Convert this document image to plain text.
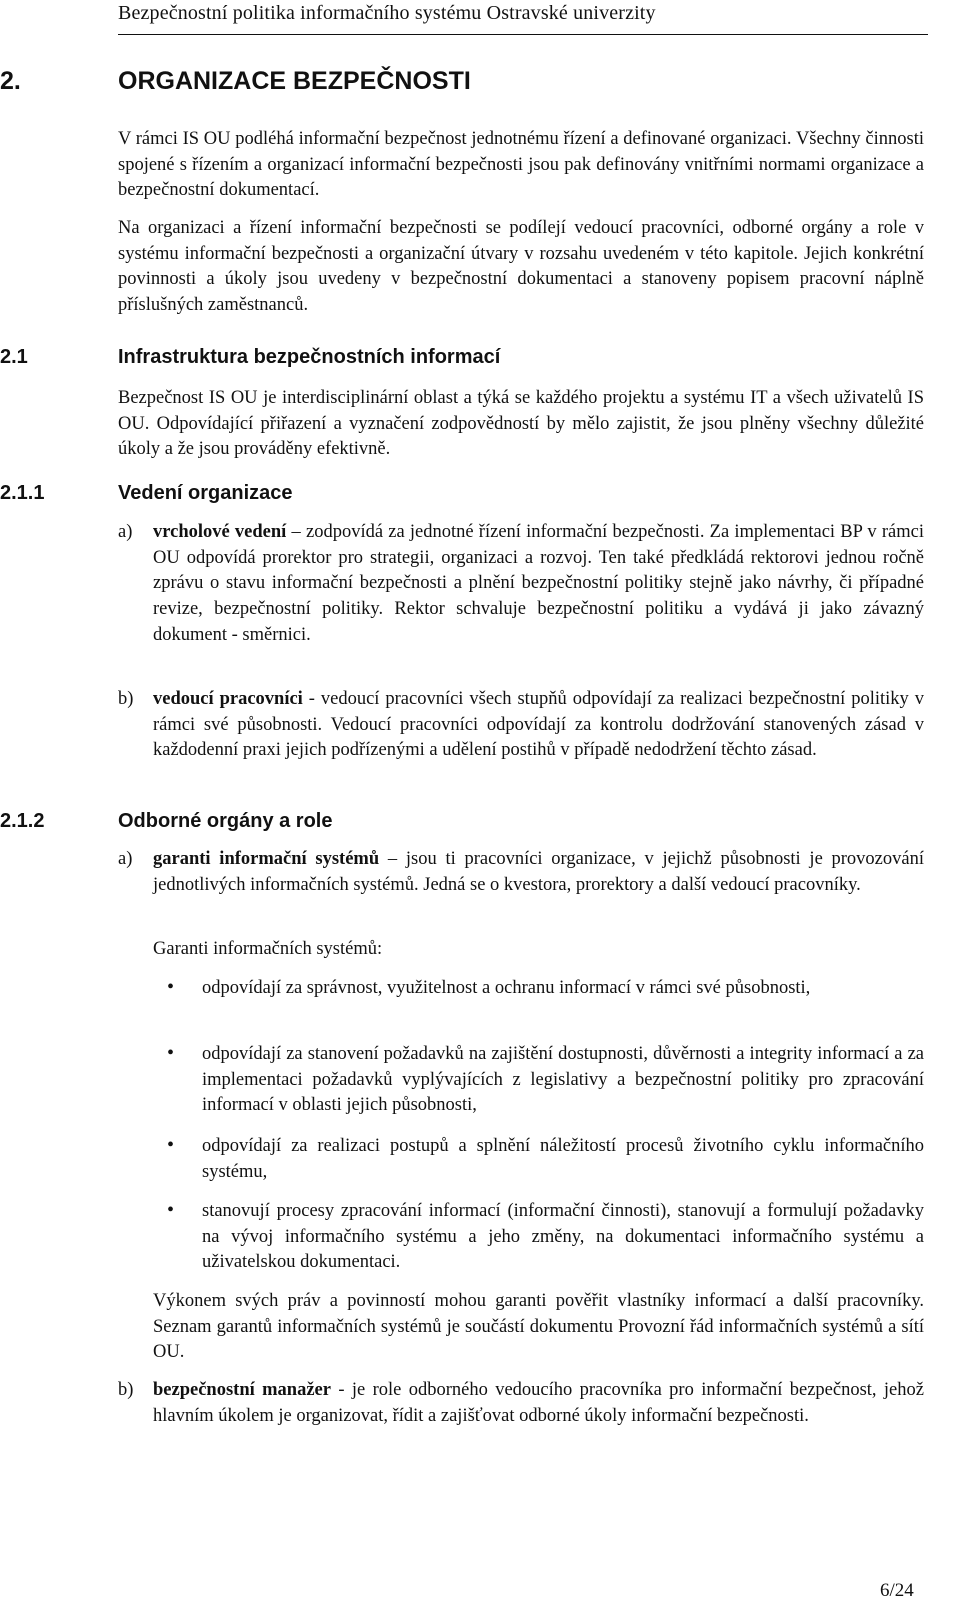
Bezpečnostní politika informačního systému Ostravské univerzity
2.	ORGANIZACE BEZPEČNOSTI

V rámci IS OU podléhá informační bezpečnost jednotnému řízení a definované organizaci. Všechny činnosti spojené s řízením a organizací informační bezpečnosti jsou pak definovány vnitřními normami organizace a bezpečnostní dokumentací.

Na organizaci a řízení informační bezpečnosti se podílejí vedoucí pracovníci, odborné orgány a role v systému informační bezpečnosti a organizační útvary v rozsahu uvedeném v této kapitole. Jejich konkrétní povinnosti a úkoly jsou uvedeny v bezpečnostní dokumentaci a stanoveny popisem pracovní náplně příslušných zaměstnanců.

2.1	Infrastruktura bezpečnostních informací

Bezpečnost IS OU je interdisciplinární oblast a týká se každého projektu a systému IT a všech uživatelů IS OU. Odpovídající přiřazení a vyznačení zodpovědností by mělo zajistit, že jsou plněny všechny důležité úkoly a že jsou prováděny efektivně.

2.1.1	Vedení organizace
a) vrcholové vedení – zodpovídá za jednotné řízení informační bezpečnosti. Za implementaci BP v rámci OU odpovídá prorektor pro strategii, organizaci a rozvoj. Ten také předkládá rektorovi jednou ročně zprávu o stavu informační bezpečnosti a plnění bezpečnostní politiky stejně jako návrhy, či případné revize, bezpečnostní politiky. Rektor schvaluje bezpečnostní politiku a vydává ji jako závazný dokument - směrnici.

b) vedoucí pracovníci - vedoucí pracovníci všech stupňů odpovídají za realizaci bezpečnostní politiky v rámci své působnosti. Vedoucí pracovníci odpovídají za kontrolu dodržování stanovených zásad v každodenní praxi jejich podřízenými a udělení postihů v případě nedodržení těchto zásad.

2.1.2	Odborné orgány a role
a) garanti informační systémů – jsou ti pracovníci organizace, v jejichž působnosti je provozování jednotlivých informačních systémů. Jedná se o kvestora, prorektory a další vedoucí pracovníky.

Garanti informačních systémů:

• odpovídají za správnost, využitelnost a ochranu informací v rámci své působnosti,

• odpovídají za stanovení požadavků na zajištění dostupnosti, důvěrnosti a integrity informací a za implementaci požadavků vyplývajících z legislativy a bezpečnostní politiky pro zpracování informací v oblasti jejich působnosti,

• odpovídají za realizaci postupů a splnění náležitostí procesů životního cyklu informačního systému,

• stanovují procesy zpracování informací (informační činnosti), stanovují a formulují požadavky na vývoj informačního systému a jeho změny, na dokumentaci informačního systému a uživatelskou dokumentaci.

Výkonem svých práv a povinností mohou garanti pověřit vlastníky informací a další pracovníky. Seznam garantů informačních systémů je součástí dokumentu Provozní řád informačních systémů a sítí OU.

b) bezpečnostní manažer - je role odborného vedoucího pracovníka pro informační bezpečnost, jehož hlavním úkolem je organizovat, řídit a zajišťovat odborné úkoly informační bezpečnosti.

6/24
